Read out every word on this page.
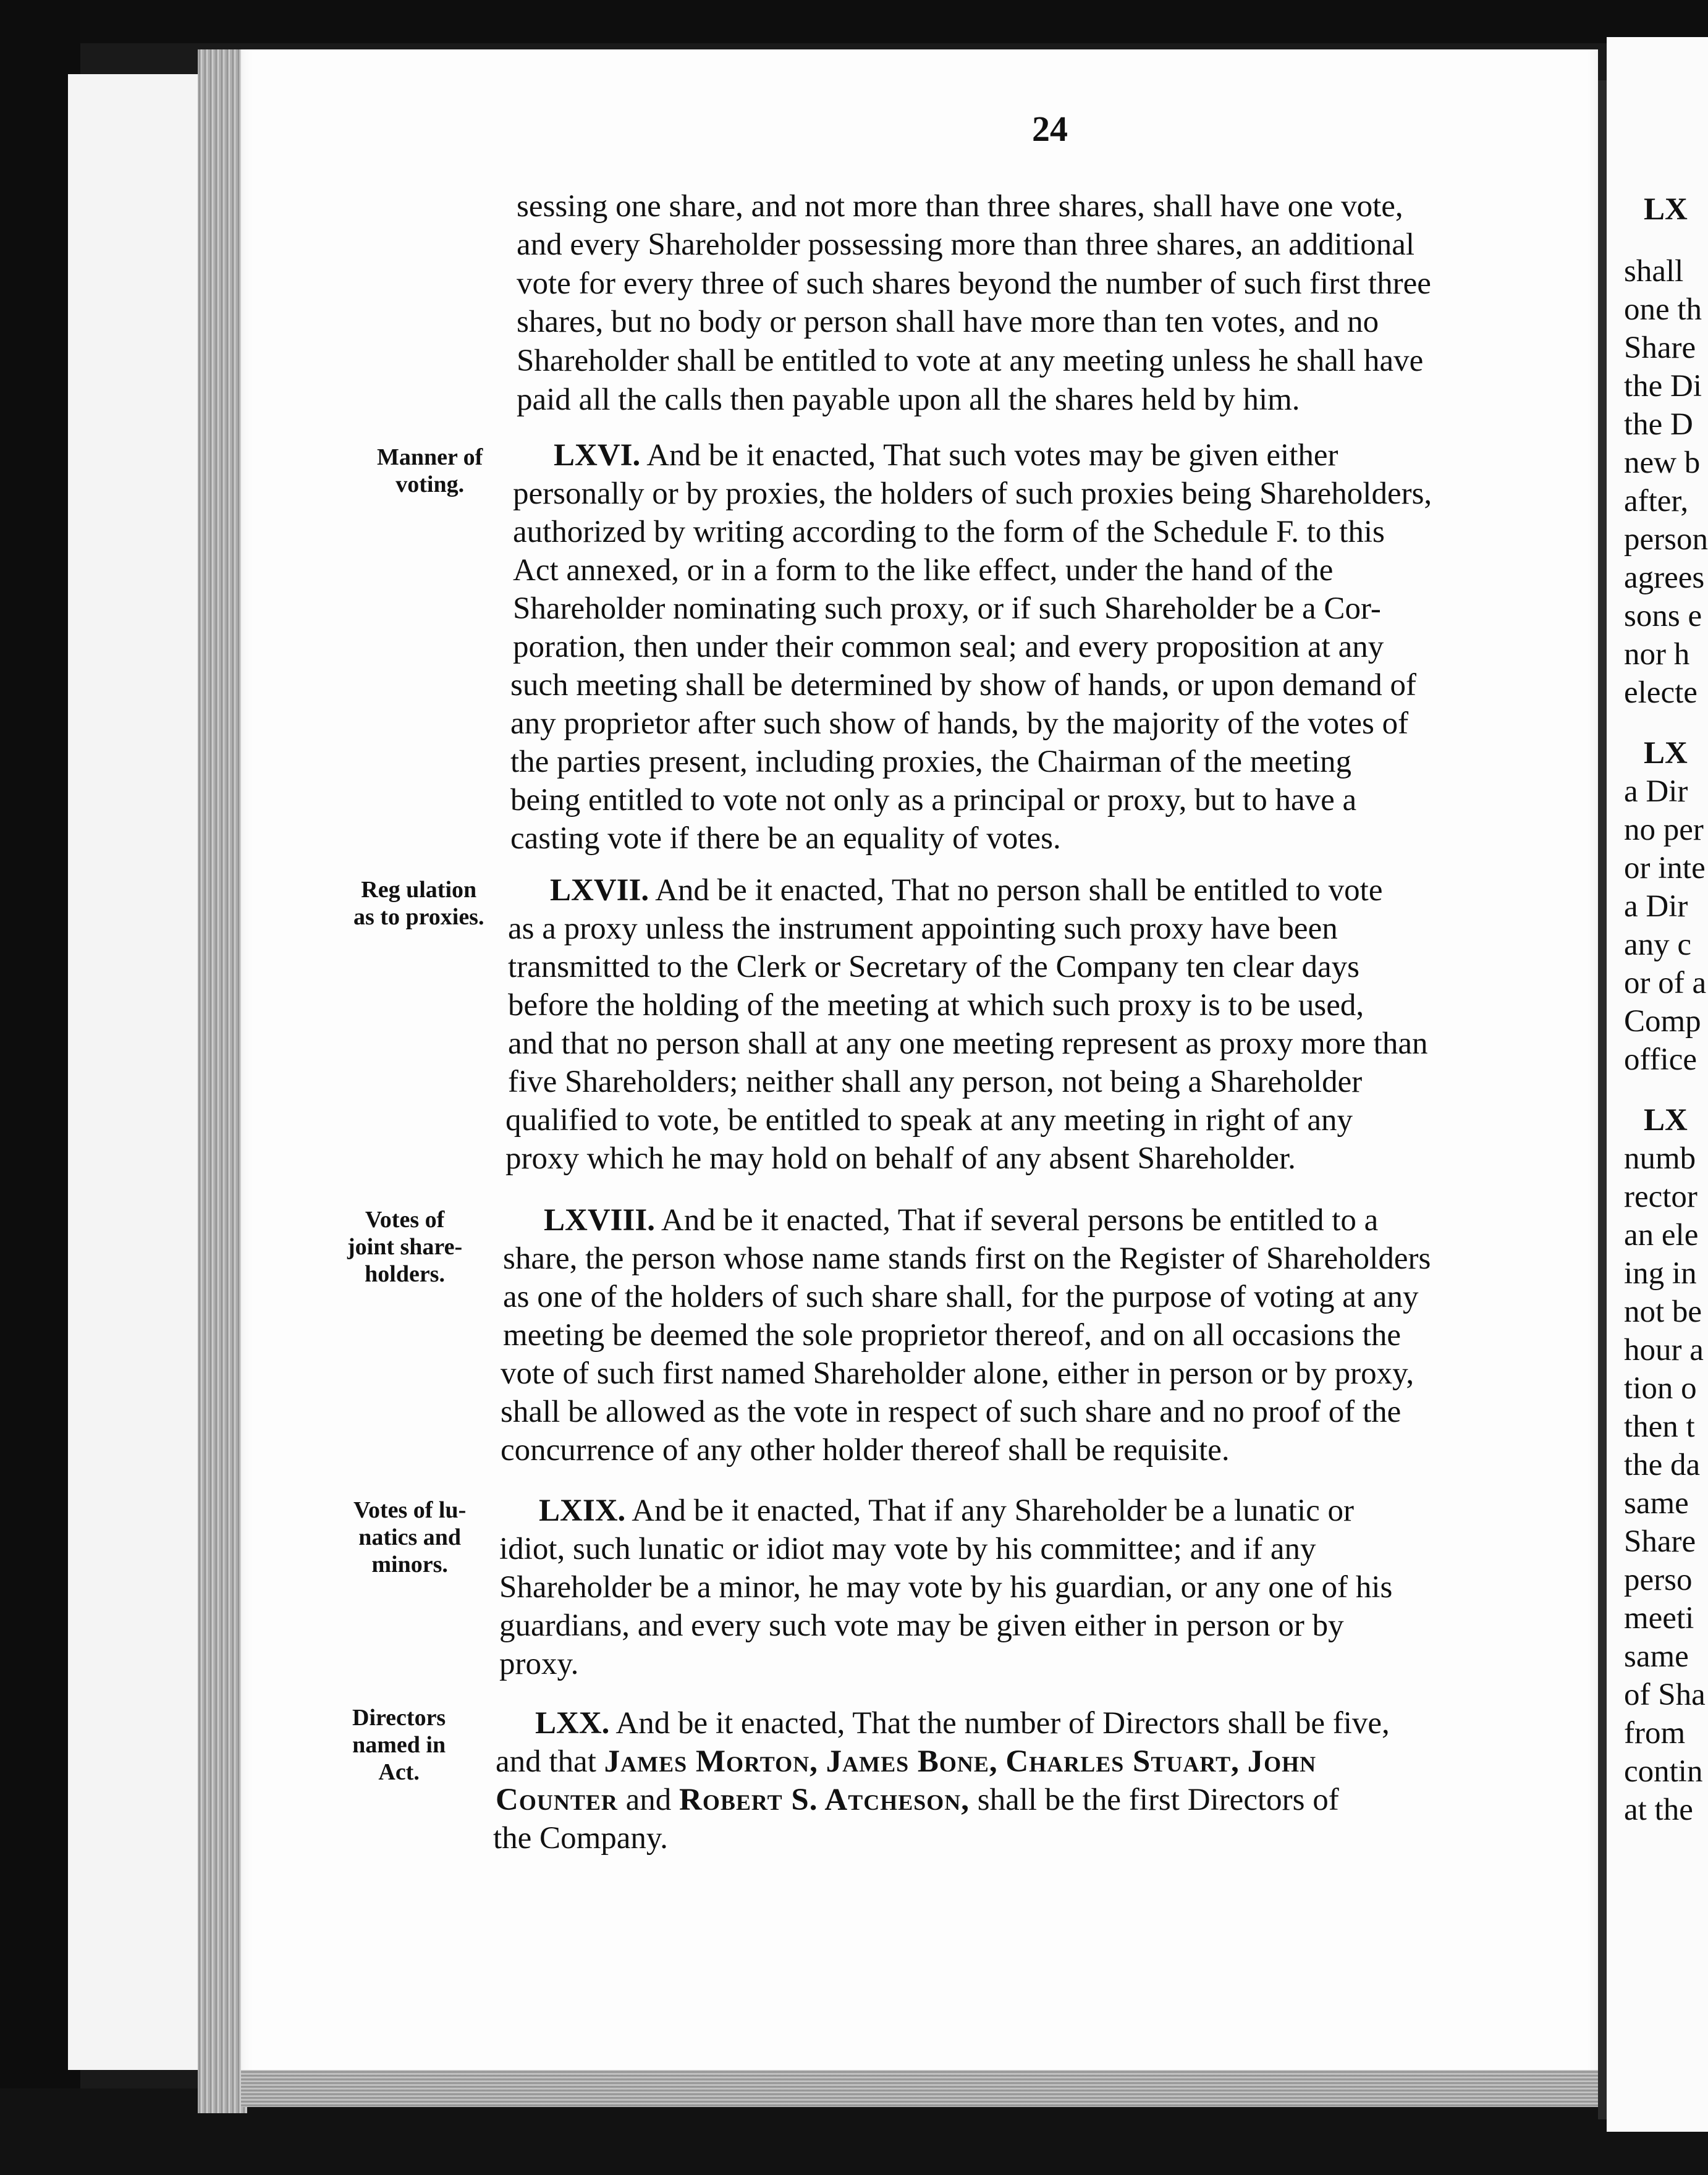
LX
shall
one th
Share
the Di
the D
new b
after,
person
agrees
sons e
nor h
electe
LX
a Dir
no per
or inte
a Dir
any c
or of a
Comp
office
LX
numb
rector
an ele
ing in
not be
hour a
tion o
then t
the da
same
Share
perso
meeti
same
of Sha
from
contin
at the
24
sessing one share, and not more than three shares, shall have one vote,
and every Shareholder possessing more than three shares, an additional
vote for every three of such shares beyond the number of such first three
shares, but no body or person shall have more than ten votes, and no
Shareholder shall be entitled to vote at any meeting unless he shall have
paid all the calls then payable upon all the shares held by him.
Manner of
voting.
LXVI. And be it enacted, That such votes may be given either
personally or by proxies, the holders of such proxies being Shareholders,
authorized by writing according to the form of the Schedule F. to this
Act annexed, or in a form to the like effect, under the hand of the
Shareholder nominating such proxy, or if such Shareholder be a Cor-
poration, then under their common seal; and every proposition at any
such meeting shall be determined by show of hands, or upon demand of
any proprietor after such show of hands, by the majority of the votes of
the parties present, including proxies, the Chairman of the meeting
being entitled to vote not only as a principal or proxy, but to have a
casting vote if there be an equality of votes.
Reg ulation
as to proxies.
LXVII. And be it enacted, That no person shall be entitled to vote
as a proxy unless the instrument appointing such proxy have been
transmitted to the Clerk or Secretary of the Company ten clear days
before the holding of the meeting at which such proxy is to be used,
and that no person shall at any one meeting represent as proxy more than
five Shareholders; neither shall any person, not being a Shareholder
qualified to vote, be entitled to speak at any meeting in right of any
proxy which he may hold on behalf of any absent Shareholder.
Votes of
joint share-
holders.
LXVIII. And be it enacted, That if several persons be entitled to a
share, the person whose name stands first on the Register of Shareholders
as one of the holders of such share shall, for the purpose of voting at any
meeting be deemed the sole proprietor thereof, and on all occasions the
vote of such first named Shareholder alone, either in person or by proxy,
shall be allowed as the vote in respect of such share and no proof of the
concurrence of any other holder thereof shall be requisite.
Votes of lu-
natics and
minors.
LXIX. And be it enacted, That if any Shareholder be a lunatic or
idiot, such lunatic or idiot may vote by his committee; and if any
Shareholder be a minor, he may vote by his guardian, or any one of his
guardians, and every such vote may be given either in person or by
proxy.
Directors
named in
Act.
LXX. And be it enacted, That the number of Directors shall be five,
and that James Morton, James Bone, Charles Stuart, John
Counter and Robert S. Atcheson, shall be the first Directors of
the Company.
